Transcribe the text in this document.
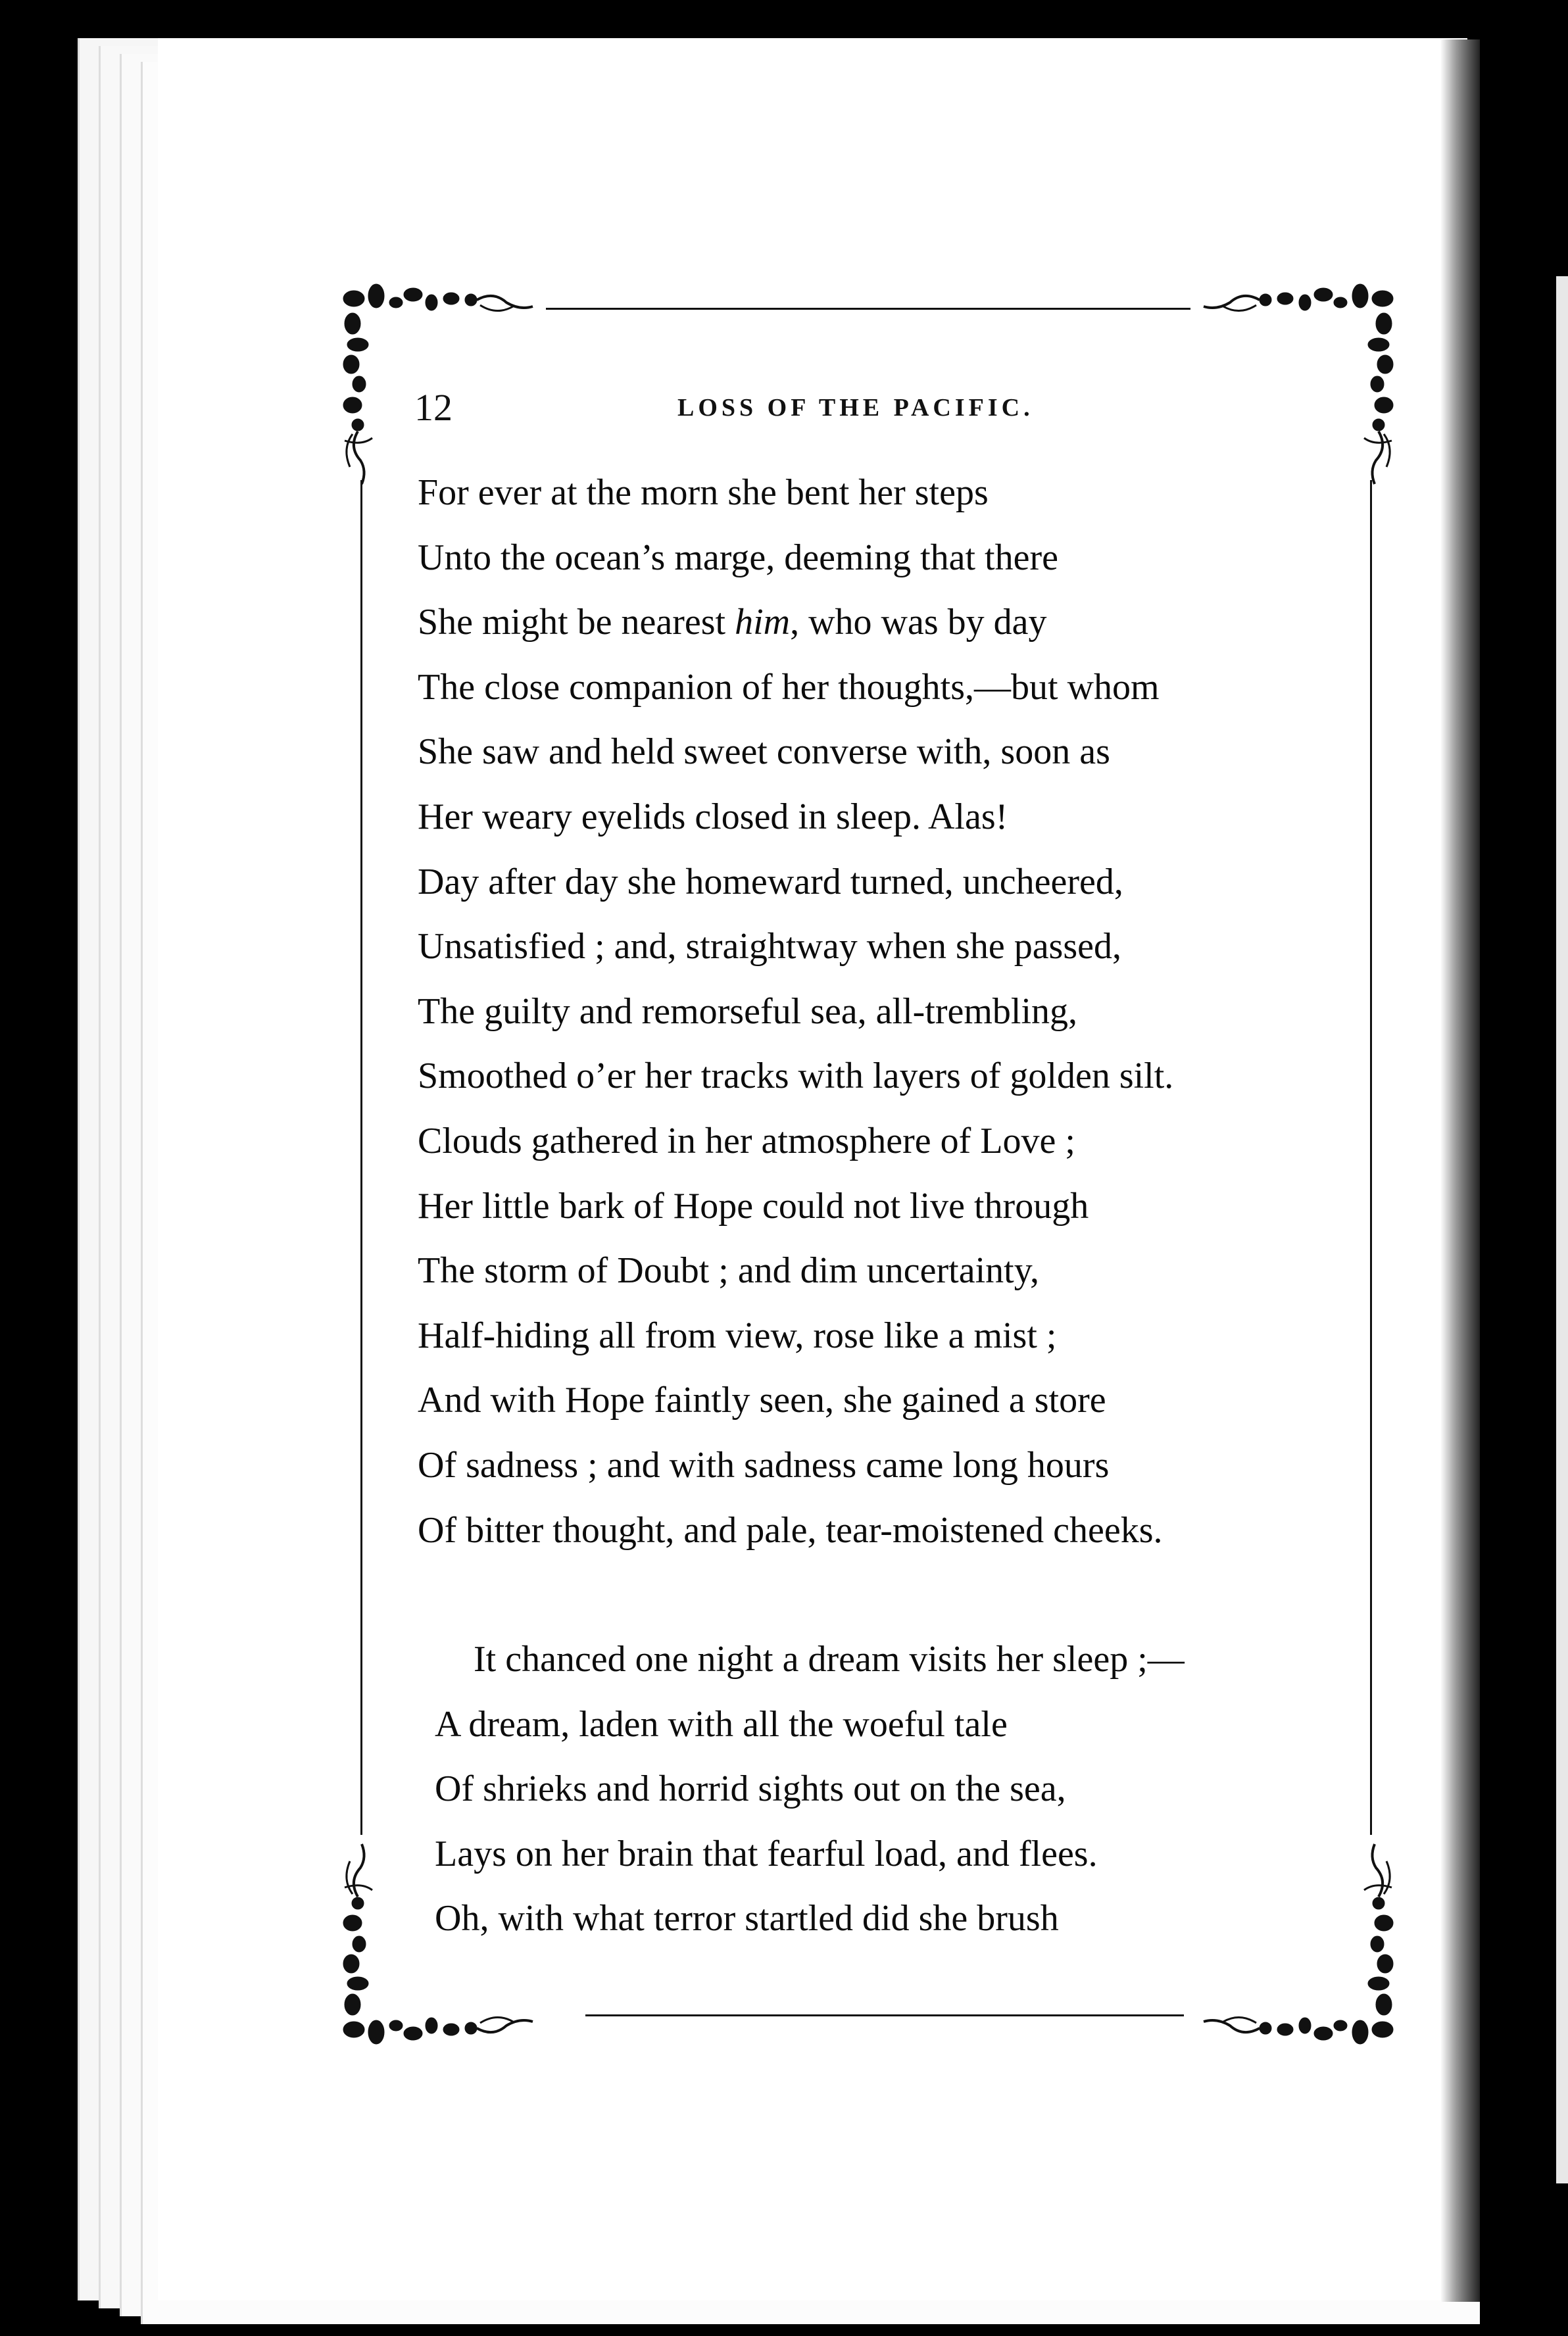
12	LOSS OF THE PACIFIC.
For ever at the morn she bent her steps
Unto the ocean’s marge, deeming that there
She might be nearest him, who was by day
The close companion of her thoughts,—but whom
She saw and held sweet converse with, soon as
Her weary eyelids closed in sleep. Alas!
Day after day she homeward turned, uncheered,
Unsatisfied ; and, straightway when she passed,
The guilty and remorseful sea, all-trembling,
Smoothed o’er her tracks with layers of golden silt.
Clouds gathered in her atmosphere of Love ;
Her little bark of Hope could not live through
The storm of Doubt ; and dim uncertainty,
Half-hiding all from view, rose like a mist ;
And with Hope faintly seen, she gained a store
Of sadness ; and with sadness came long hours
Of bitter thought, and pale, tear-moistened cheeks.
It chanced one night a dream visits her sleep ;—
A dream, laden with all the woeful tale
Of shrieks and horrid sights out on the sea,
Lays on her brain that fearful load, and flees.
Oh, with what terror startled did she brush
